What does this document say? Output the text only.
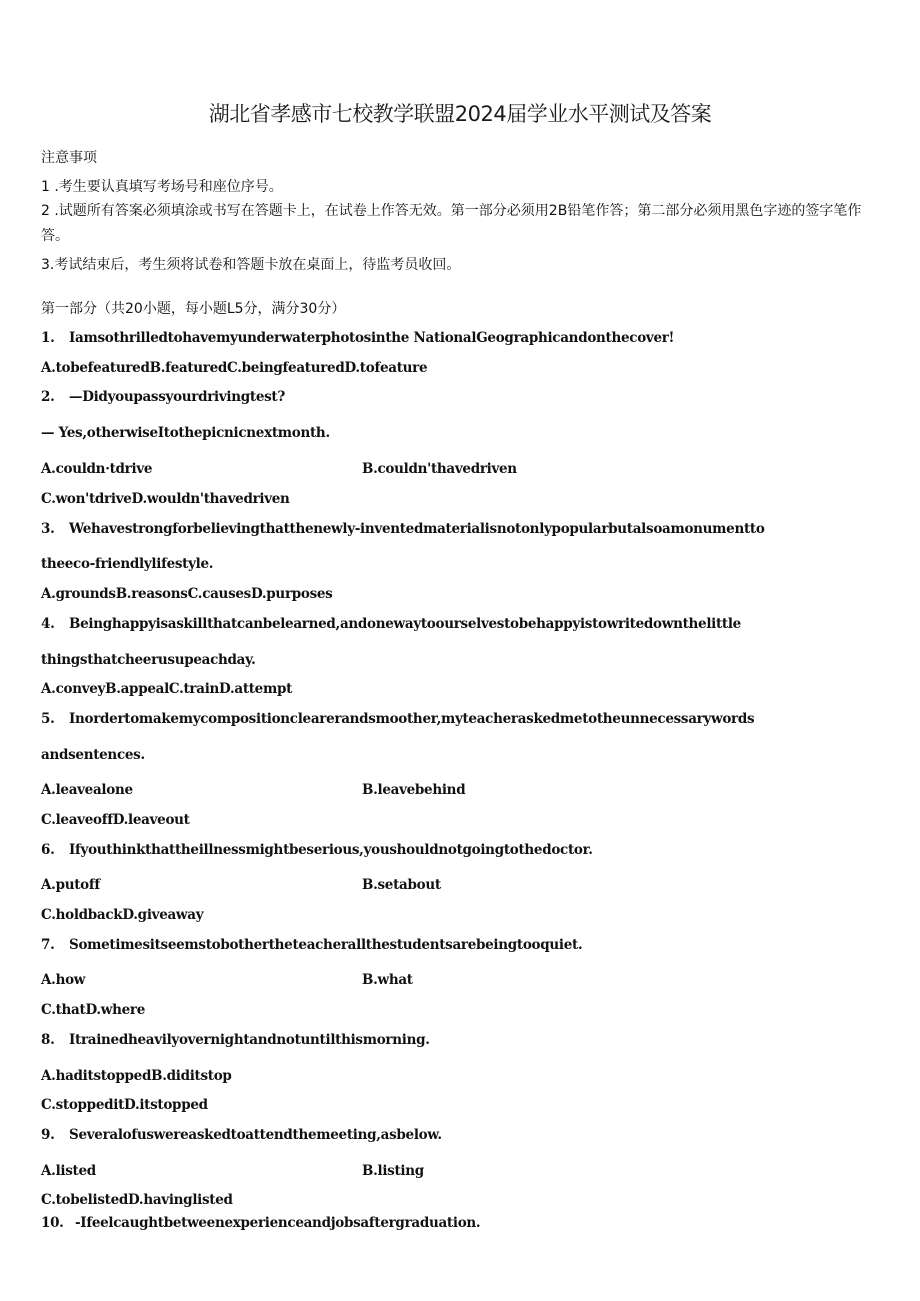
湖北省孝感市七校教学联盟2024届学业水平测试及答案
注意事项
1 .考生要认真填写考场号和座位序号。
2 .试题所有答案必须填涂或书写在答题卡上，在试卷上作答无效。第一部分必须用2B铅笔作答；第二部分必须用黑色字迹的签字笔作答。
3.考试结束后，考生须将试卷和答题卡放在桌面上，待监考员收回。
第一部分（共20小题，每小题L5分，满分30分）
1. Iamsothrilledtohavemyunderwaterphotosinthe NationalGeographicandonthecover!
A.tobefeaturedB.featuredC.beingfeaturedD.tofeature
2. —Didyoupassyourdrivingtest?
— Yes,otherwiseItothepicnicnextmonth.
A.couldn·tdrive	B.couldn'thavedriven
C.won'tdriveD.wouldn'thavedriven
3. Wehavestrongforbelievingthatthenewly-inventedmaterialisnotonlypopularbutalsoamonumentto
theeco-friendlylifestyle.
A.groundsB.reasonsC.causesD.purposes
4. Beinghappyisaskillthatcanbelearned,andonewaytoourselvestobehappyistowritedownthelittle
thingsthatcheerusupeachday.
A.conveyB.appealC.trainD.attempt
5. Inordertomakemycompositionclearerandsmoother,myteacheraskedmetotheunnecessarywords
andsentences.
A.leavealone	B.leavebehind
C.leaveoffD.leaveout
6. Ifyouthinkthattheillnessmightbeserious,youshouldnotgoingtothedoctor.
A.putoff	B.setabout
C.holdbackD.giveaway
7. Sometimesitseemstobothertheteacherallthestudentsarebeingtooquiet.
A.how	B.what
C.thatD.where
8. Itrainedheavilyovernightandnotuntilthismorning.
A.haditstoppedB.diditstop
C.stoppeditD.itstopped
9. Severalofuswereaskedtoattendthemeeting,asbelow.
A.listed	B.listing
C.tobelistedD.havinglisted
10. -Ifeelcaughtbetweenexperienceandjobsaftergraduation.
